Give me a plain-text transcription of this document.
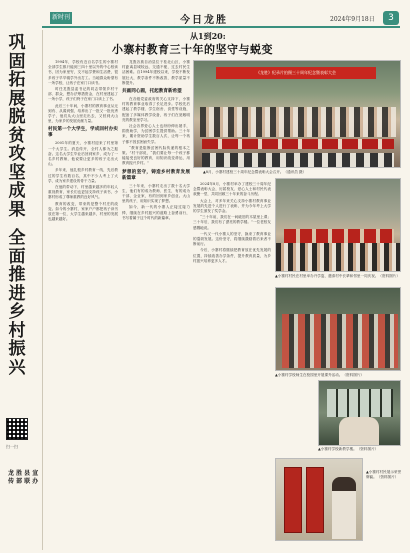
新时刊	今日龙胜	2024年9月18日	3
巩
固
拓
展
脱
贫
攻
坚
成
果
全
面
推
进
乡
村
振
兴
扫一扫
龙 胜 县 宣 传 部 联 办
从1到20:
小寨村教育三十年的坚守与蜕变

1994年，学校有近百名学生的小寨村全部学生都只能到三四十里以外的中心校读书，因为家里穷，交不起学费和生活费，很多孩子早早辍学外出打工。当地群众盼望有一所学校，让孩子在家门口读书。

时任龙胜县委书记的同志带领乡村干部、群众，想办法筹措资金，在村里建起了一所小学，孩子们终于在家门口读上了书。

此后三十年间，小寨村的教育事业从无到有、从弱到强，培养出了一批又一批优秀学子，他们从大山里走出去，又回到大山里，为家乡的发展贡献力量。

村民第一个大学生，学成回村办实事

2001年的夏天，小寨村迎来了村里第一个大学生。消息传开，全村人都为之振奋。这名大学生毕业后回到家乡，成为了一名乡村教师，他说要让更多的孩子走出大山。

多年来，他扎根乡村教育一线，先后教过的学生有数百名，其中不少人考上了大学，成为家乡建设的骨干力量。

在他的带动下，村里越来越多的年轻人重视教育，家长们也更加支持孩子读书，小寨村形成了尊师重教的良好风气。

教育的改变，带来的是整个村庄的改变。如今的小寨村，家家户户都把孩子读书放在第一位，大学生越来越多，村里的发展也越来越好。

龙胜各族自治县位于桂北山区，小寨村距离县城较远，交通不便，过去村民生活困难。自1994年建校以来，学校不断发展壮大，教学条件不断改善，教学质量不断提升。

共画同心圆，托起教育新希望

在各级党委政府的关心支持下，小寨村的教育事业取得了长足进步。学校先后建起了教学楼、学生宿舍、食堂等设施，配备了多媒体教学设备，孩子们在宽敞明亮的教室里学习。

社会各界爱心人士也纷纷伸出援手，捐资助学，为贫困学生提供帮助。三十年来，累计资助学生数百人次，让每一个孩子都不因贫困而失学。

“教育是阻断贫困代际传递的根本之策。”村干部说，“我们要让每一个孩子都能接受良好的教育，用知识改变命运，用教育振兴乡村。”

梦想的坚守，铸造乡村教育发展新篇章

三十年来，小寨村走出了数十名大学生，他们有的成为教师、医生，有的成为干部、企业家，有的回到家乡创业。大山里的孩子，用知识实现了梦想。

如今，新一代的小寨人正接过接力棒，继续在乡村振兴的道路上奋勇前行，书写着属于这个时代的新篇章。

2024年8月，小寨村举办了建校三十周年纪念暨表彰大会，历届校友、爱心人士和村民代表欢聚一堂，共同回顾三十年来的奋斗历程。

大会上，对多年来关心支持小寨村教育事业发展的先进个人进行了表彰，并为今年考上大学的学生颁发了奖学金。

“三十年前，我们在一间破旧的木屋里上课；三十年后，我们有了漂亮的教学楼。”一位老校友感慨地说。

一代又一代小寨人的坚守，换来了教育事业的蓬勃发展。这份坚守，将继续激励着后来者不断前行。

今后，小寨村将继续把教育放在优先发展的位置，持续改善办学条件，提升教育质量，为乡村振兴培养更多人才。

《龙胜》纪录片拍摄三十周年纪念暨表彰大会
▲8月，小寨村建校三十周年纪念暨表彰大会召开。（通讯员 摄）
▲小寨村村民在村里举办升学宴，邀请村中长辈和邻里一同庆祝。（资料图片）
▲小寨村学校师生在校园里开展课外活动。（资料图片）
▲小寨村学校新教学楼。（资料图片）
▲小寨村村民展示荣誉牌匾。（资料图片）
